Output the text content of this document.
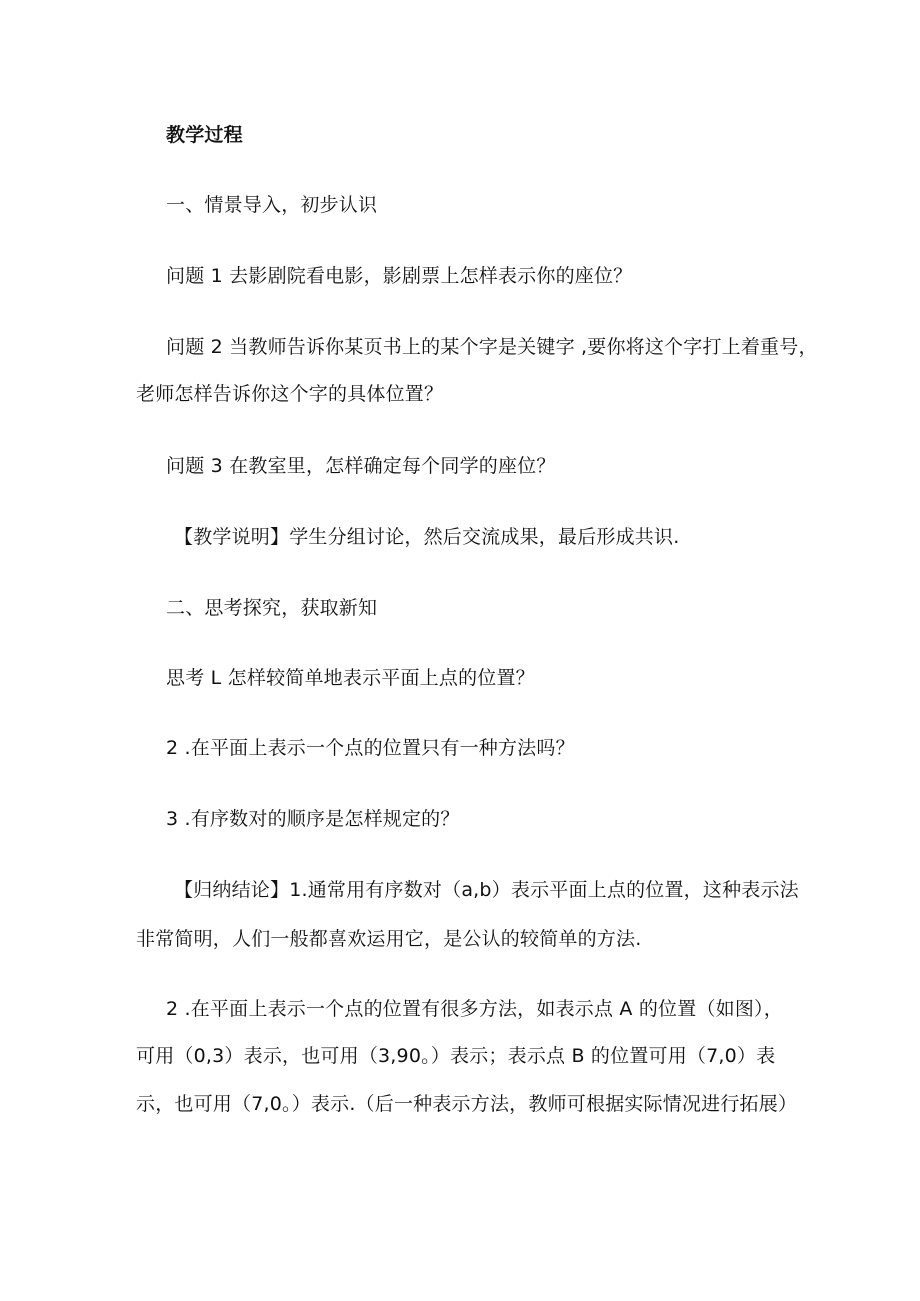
教学过程
一、情景导入，初步认识
问题 1 去影剧院看电影，影剧票上怎样表示你的座位？
问题 2 当教师告诉你某页书上的某个字是关键字 ,要你将这个字打上着重号，
老师怎样告诉你这个字的具体位置？
问题 3 在教室里，怎样确定每个同学的座位？
【教学说明】学生分组讨论，然后交流成果，最后形成共识.
二、思考探究，获取新知
思考 L 怎样较简单地表示平面上点的位置？
2 .在平面上表示一个点的位置只有一种方法吗？
3 .有序数对的顺序是怎样规定的？
【归纳结论】1.通常用有序数对（a,b）表示平面上点的位置，这种表示法
非常简明，人们一般都喜欢运用它，是公认的较简单的方法.
2 .在平面上表示一个点的位置有很多方法，如表示点 A 的位置（如图），
可用（0,3）表示，也可用（3,90。）表示；表示点 B 的位置可用（7,0）表
示，也可用（7,0。）表示.（后一种表示方法，教师可根据实际情况进行拓展）
